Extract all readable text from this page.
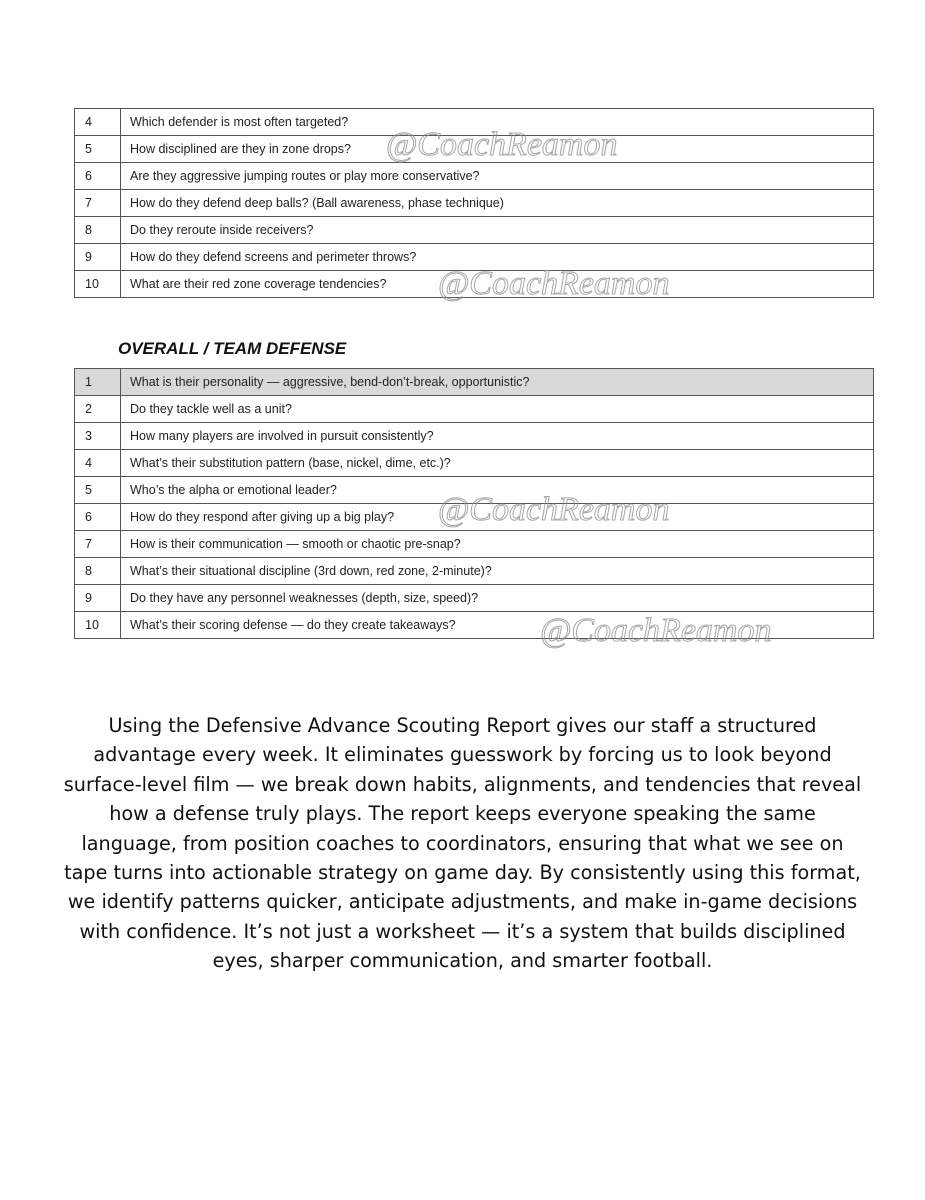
4	Which defender is most often targeted?
5	How disciplined are they in zone drops?
6	Are they aggressive jumping routes or play more conservative?
7	How do they defend deep balls? (Ball awareness, phase technique)
8	Do they reroute inside receivers?
9	How do they defend screens and perimeter throws?
10	What are their red zone coverage tendencies?
OVERALL / TEAM DEFENSE
1	What is their personality — aggressive, bend-don’t-break, opportunistic?
2	Do they tackle well as a unit?
3	How many players are involved in pursuit consistently?
4	What’s their substitution pattern (base, nickel, dime, etc.)?
5	Who’s the alpha or emotional leader?
6	How do they respond after giving up a big play?
7	How is their communication — smooth or chaotic pre-snap?
8	What’s their situational discipline (3rd down, red zone, 2-minute)?
9	Do they have any personnel weaknesses (depth, size, speed)?
10	What’s their scoring defense — do they create takeaways?
@CoachReamon
@CoachReamon
@CoachReamon
@CoachReamon

Using the Defensive Advance Scouting Report gives our staff a structured advantage every week. It eliminates guesswork by forcing us to look beyond surface-level film — we break down habits, alignments, and tendencies that reveal how a defense truly plays. The report keeps everyone speaking the same language, from position coaches to coordinators, ensuring that what we see on tape turns into actionable strategy on game day. By consistently using this format, we identify patterns quicker, anticipate adjustments, and make in-game decisions with confidence. It’s not just a worksheet — it’s a system that builds disciplined eyes, sharper communication, and smarter football.
